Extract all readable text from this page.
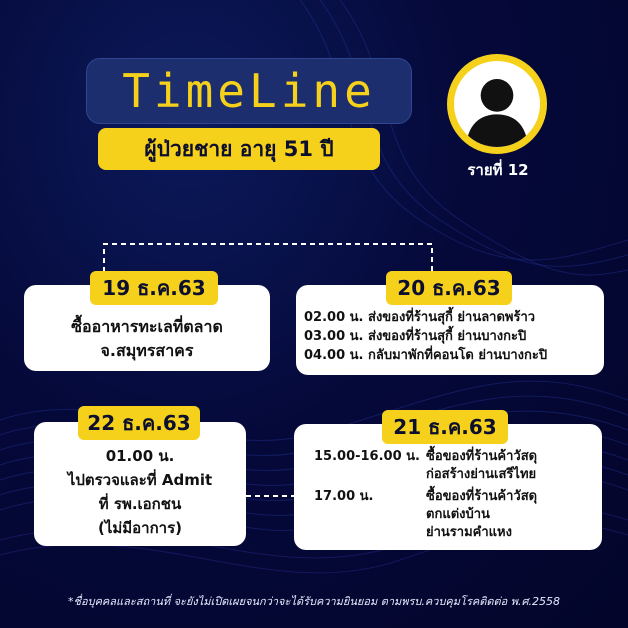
TimeLine
ผู้ป่วยชาย อายุ 51 ปี
รายที่ 12
ซื้ออาหารทะเลที่ตลาด
จ.สมุทรสาคร
19 ธ.ค.63
02.00 น. ส่งของที่ร้านสุกี้ ย่านลาดพร้าว
03.00 น. ส่งของที่ร้านสุกี้ ย่านบางกะปิ
04.00 น. กลับมาพักที่คอนโด ย่านบางกะปิ
20 ธ.ค.63
01.00 น.
ไปตรวจและที่ Admit
ที่ รพ.เอกชน
(ไม่มีอาการ)
22 ธ.ค.63
15.00-16.00 น. ซื้อของที่ร้านค้าวัสดุ
ก่อสร้างย่านเสรีไทย
17.00 น.	ซื้อของที่ร้านค้าวัสดุ
ตกแต่งบ้าน
ย่านรามคำแหง
21 ธ.ค.63
*ชื่อบุคคลและสถานที่ จะยังไม่เปิดเผยจนกว่าจะได้รับความยินยอม ตามพรบ.ควบคุมโรคติดต่อ พ.ศ.2558
